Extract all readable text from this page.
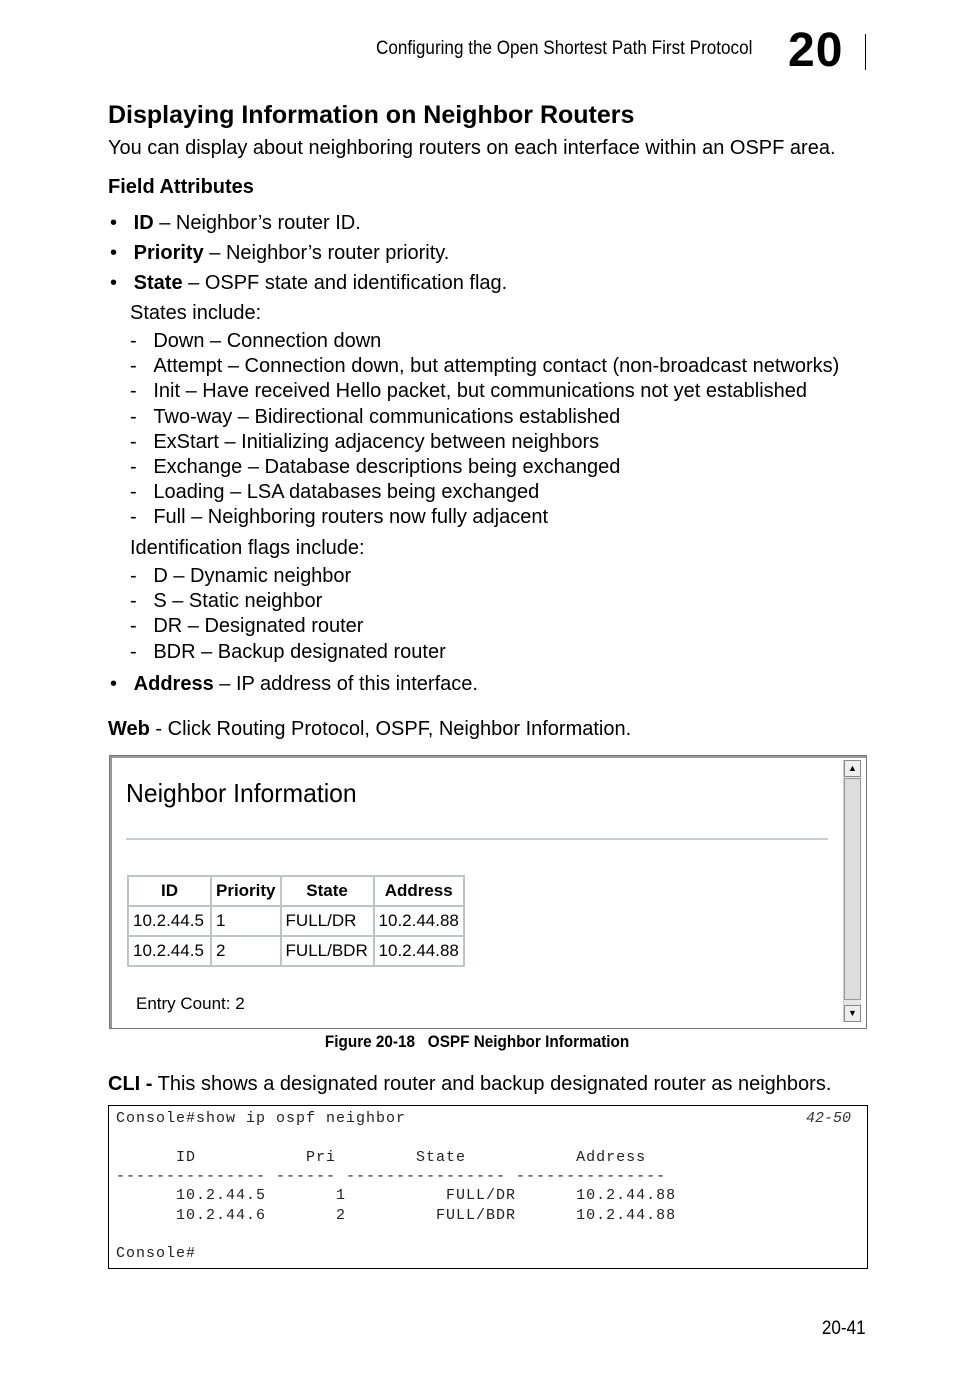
Configuring the Open Shortest Path First Protocol 20
Displaying Information on Neighbor Routers
You can display about neighboring routers on each interface within an OSPF area.
Field Attributes
•   ID – Neighbor’s router ID.
•   Priority – Neighbor’s router priority.
•   State – OSPF state and identification flag.
States include:
-   Down – Connection down
-   Attempt – Connection down, but attempting contact (non-broadcast networks)
-   Init – Have received Hello packet, but communications not yet established
-   Two-way – Bidirectional communications established
-   ExStart – Initializing adjacency between neighbors
-   Exchange – Database descriptions being exchanged
-   Loading – LSA databases being exchanged
-   Full – Neighboring routers now fully adjacent
Identification flags include:
-   D – Dynamic neighbor
-   S – Static neighbor
-   DR – Designated router
-   BDR – Backup designated router
•   Address – IP address of this interface.
Web - Click Routing Protocol, OSPF, Neighbor Information.
Neighbor Information
ID	Priority	State	Address
10.2.44.5	1	FULL/DR	10.2.44.88
10.2.44.5	2	FULL/BDR	10.2.44.88
Entry Count: 2
▲
▼
Figure 20-18   OSPF Neighbor Information
CLI - This shows a designated router and backup designated router as neighbors.
42-50
Console#show ip ospf neighbor
ID           Pri        State           Address
--------------- ------ ---------------- ---------------
10.2.44.5       1          FULL/DR      10.2.44.88
10.2.44.6       2         FULL/BDR      10.2.44.88
Console#
20-41
